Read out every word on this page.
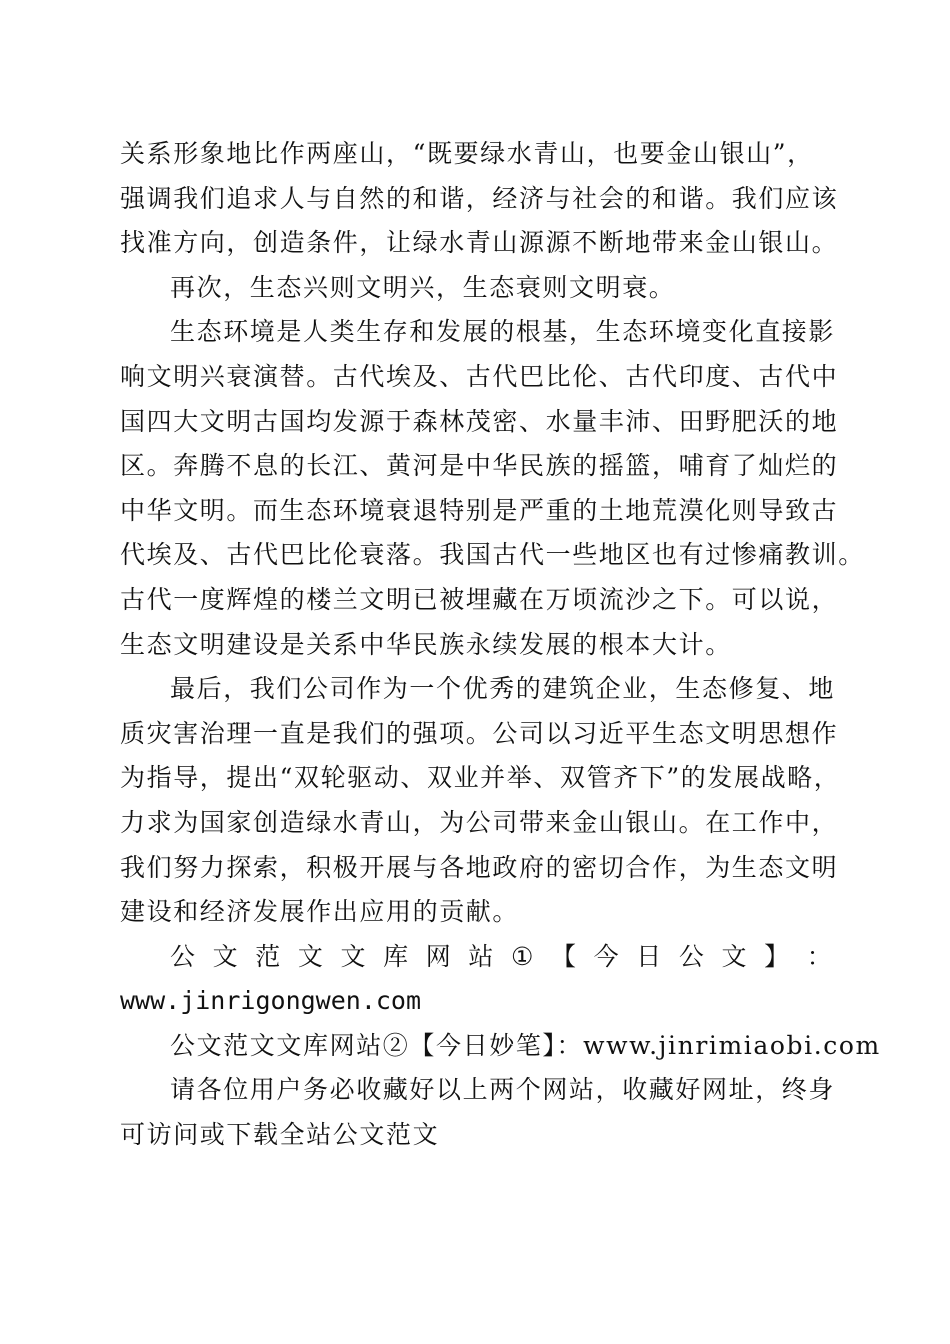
关系形象地比作两座山，“既要绿水青山，也要金山银山”，
强调我们追求人与自然的和谐，经济与社会的和谐。我们应该
找准方向，创造条件，让绿水青山源源不断地带来金山银山。
再次，生态兴则文明兴，生态衰则文明衰。
生态环境是人类生存和发展的根基，生态环境变化直接影
响文明兴衰演替。古代埃及、古代巴比伦、古代印度、古代中
国四大文明古国均发源于森林茂密、水量丰沛、田野肥沃的地
区。奔腾不息的长江、黄河是中华民族的摇篮，哺育了灿烂的
中华文明。而生态环境衰退特别是严重的土地荒漠化则导致古
代埃及、古代巴比伦衰落。我国古代一些地区也有过惨痛教训。
古代一度辉煌的楼兰文明已被埋藏在万顷流沙之下。可以说，
生态文明建设是关系中华民族永续发展的根本大计。
最后，我们公司作为一个优秀的建筑企业，生态修复、地
质灾害治理一直是我们的强项。公司以习近平生态文明思想作
为指导，提出“双轮驱动、双业并举、双管齐下”的发展战略，
力求为国家创造绿水青山，为公司带来金山银山。在工作中，
我们努力探索，积极开展与各地政府的密切合作，为生态文明
建设和经济发展作出应用的贡献。
公 文 范 文 文 库 网 站 ① 【 今 日 公 文 】 ：
www.jinrigongwen.com
公文范文文库网站②【今日妙笔】：www.jinrimiaobi.com
请各位用户务必收藏好以上两个网站，收藏好网址，终身
可访问或下载全站公文范文
